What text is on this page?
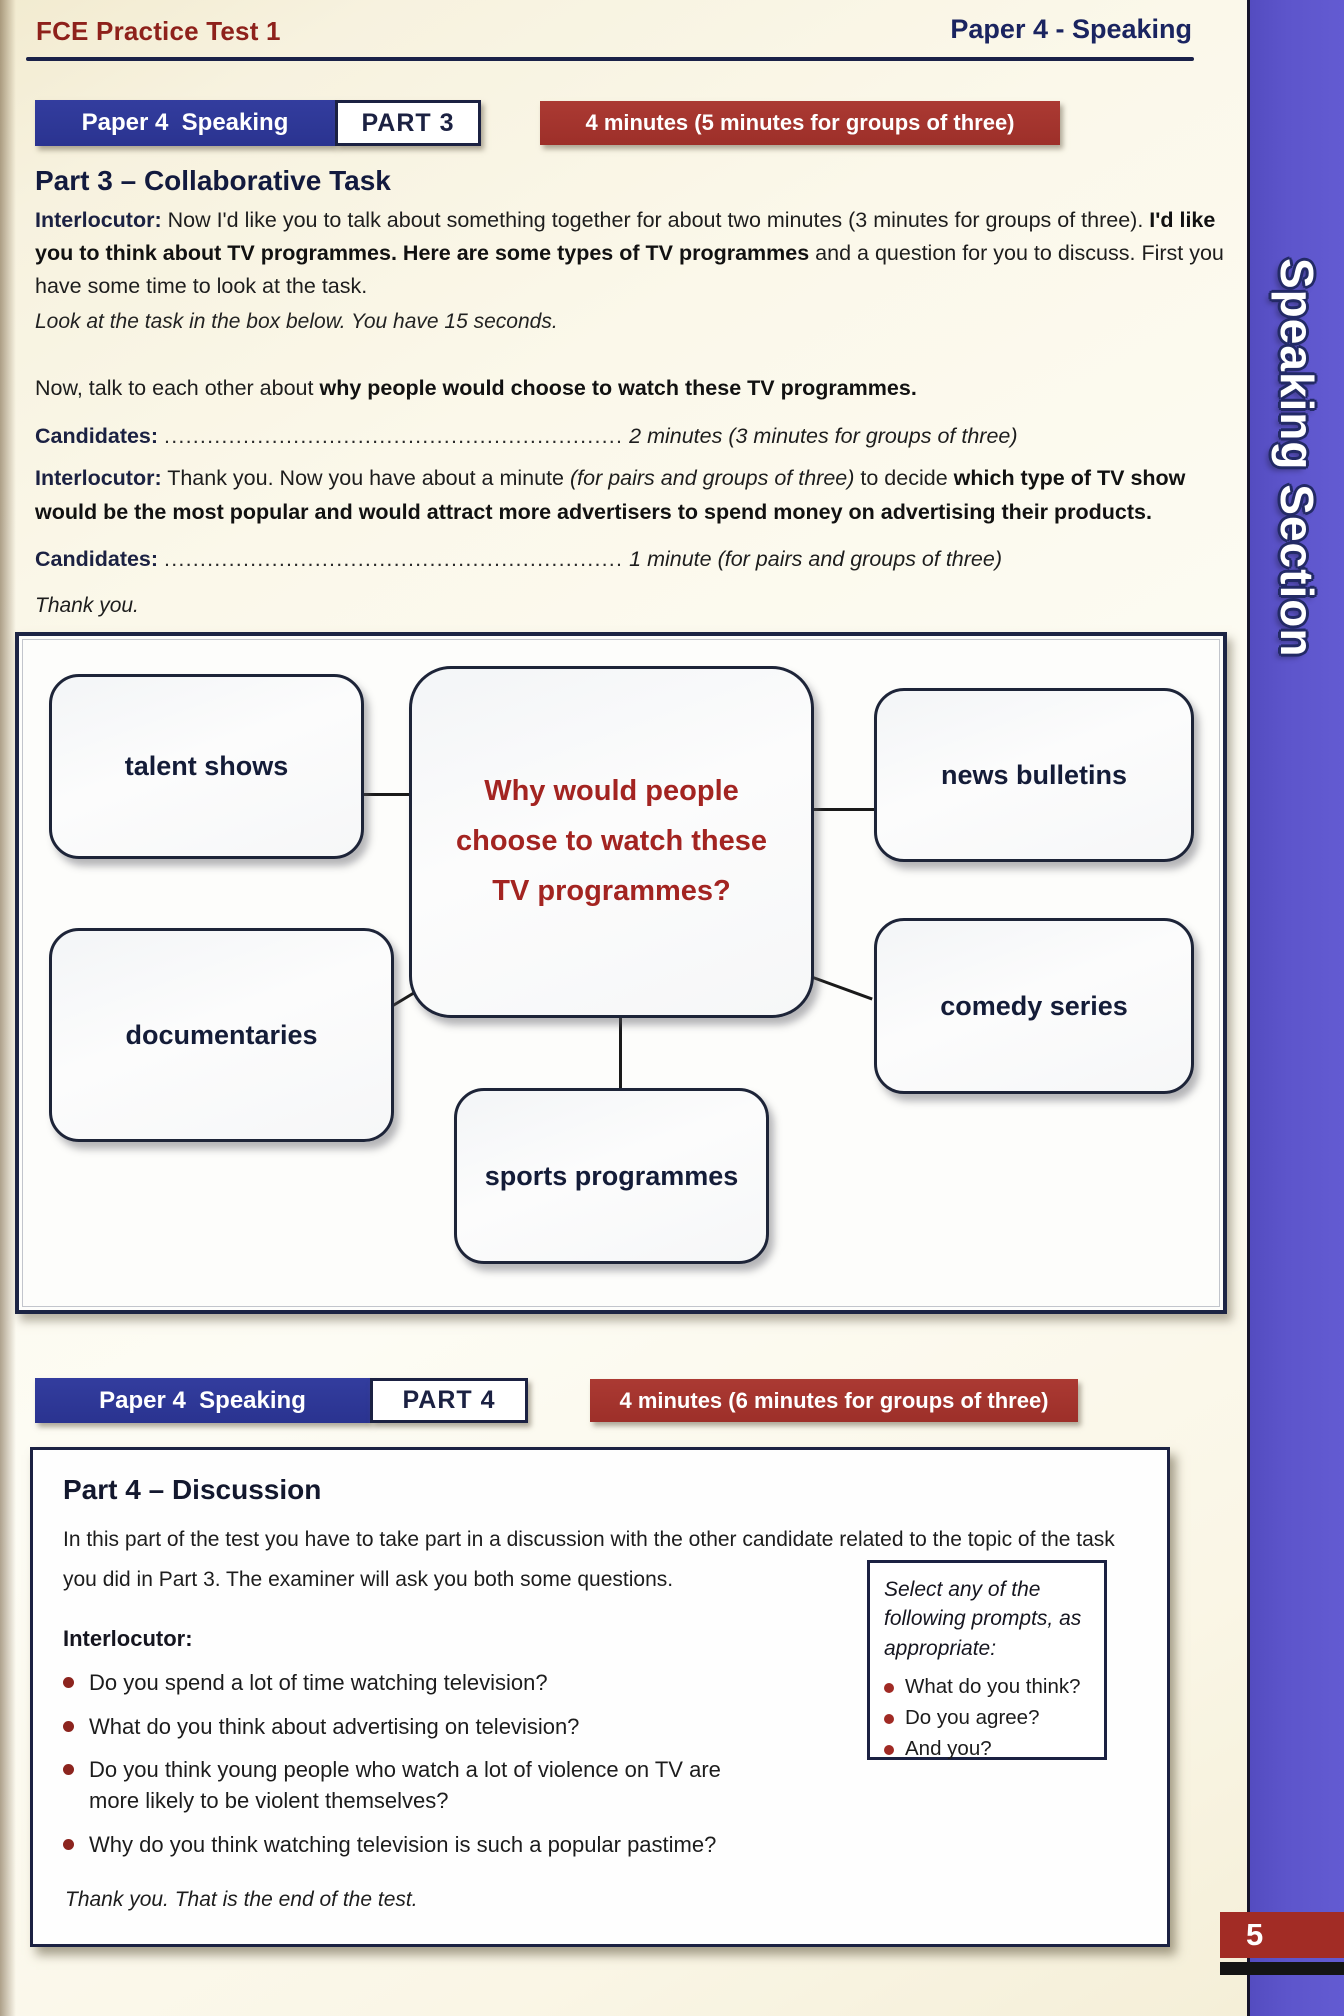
FCE Practice Test 1	Paper 4 - Speaking
Paper 4  Speaking	PART 3	4 minutes (5 minutes for groups of three)
Part 3 – Collaborative Task
Interlocutor: Now I'd like you to talk about something together for about two minutes (3 minutes for groups of three). I'd like you to think about TV programmes. Here are some types of TV programmes and a question for you to discuss. First you have some time to look at the task.
Look at the task in the box below. You have 15 seconds.
Now, talk to each other about why people would choose to watch these TV programmes.
Candidates: ................................................................ 2 minutes (3 minutes for groups of three)
Interlocutor: Thank you. Now you have about a minute (for pairs and groups of three) to decide which type of TV show would be the most popular and would attract more advertisers to spend money on advertising their products.
Candidates: ................................................................ 1 minute (for pairs and groups of three)
Thank you.
talent shows
Why would people choose to watch these TV programmes?
news bulletins
documentaries
comedy series
sports programmes
Paper 4  Speaking	PART 4	4 minutes (6 minutes for groups of three)
Part 4 – Discussion

In this part of the test you have to take part in a discussion with the other candidate related to the topic of the task you did in Part 3. The examiner will ask you both some questions.

Interlocutor:
Do you spend a lot of time watching television?
What do you think about advertising on television?
Do you think young people who watch a lot of violence on TV are more likely to be violent themselves?
Why do you think watching television is such a popular pastime?

Select any of the following prompts, as appropriate:

What do you think?
Do you agree?
And you?
Thank you. That is the end of the test.
Speaking Section
5
